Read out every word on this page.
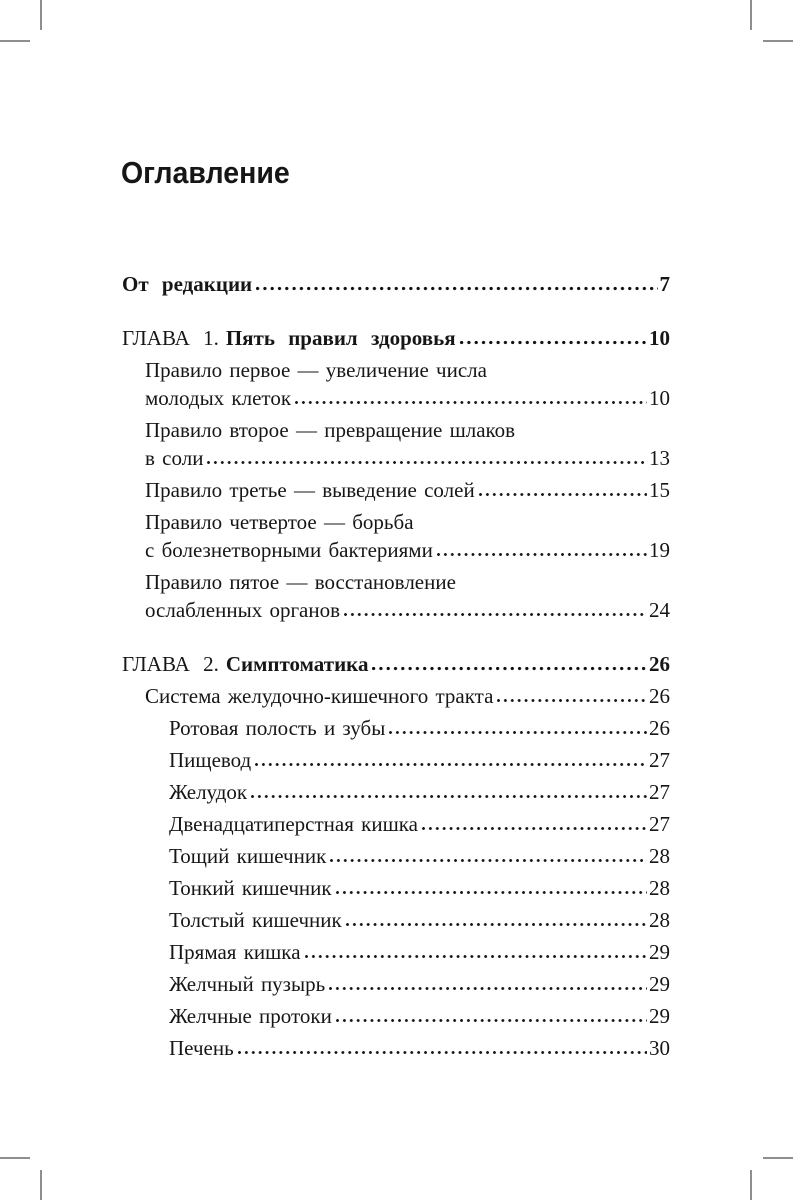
Оглавление
От редакции	7
ГЛАВА 1. Пять правил здоровья	10
Правило первое — увеличение числа
молодых клеток	10
Правило второе — превращение шлаков
в соли	13
Правило третье — выведение солей	15
Правило четвертое — борьба
с болезнетворными бактериями	19
Правило пятое — восстановление
ослабленных органов	24
ГЛАВА 2. Симптоматика	26
Система желудочно-кишечного тракта	26
Ротовая полость и зубы	26
Пищевод	27
Желудок	27
Двенадцатиперстная кишка	27
Тощий кишечник	28
Тонкий кишечник	28
Толстый кишечник	28
Прямая кишка	29
Желчный пузырь	29
Желчные протоки	29
Печень	30
